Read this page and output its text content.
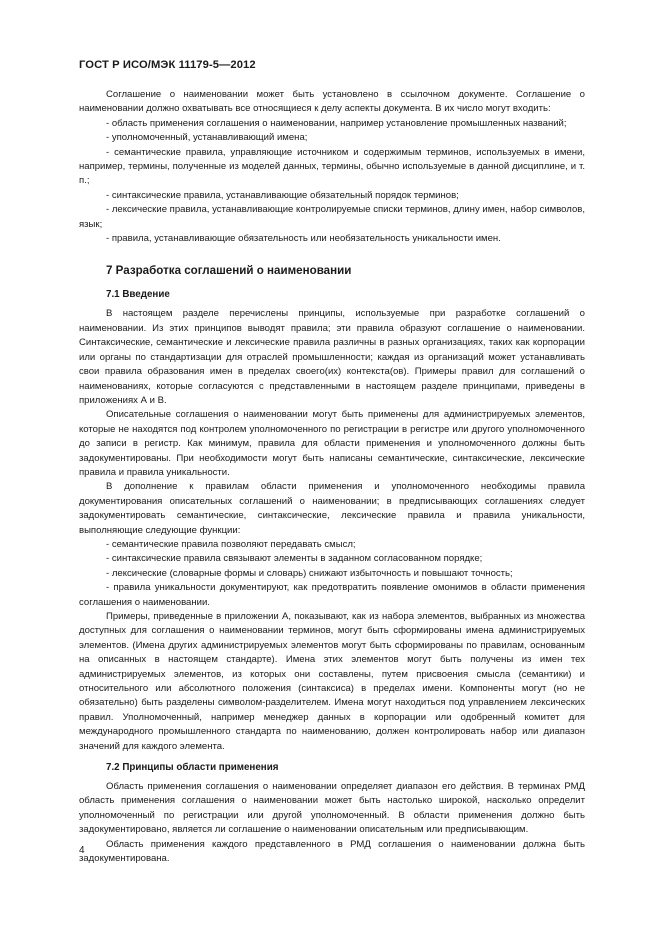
ГОСТ Р ИСО/МЭК 11179-5—2012

Соглашение о наименовании может быть установлено в ссылочном документе. Соглашение о наименовании должно охватывать все относящиеся к делу аспекты документа. В их число могут входить:

- область применения соглашения о наименовании, например установление промышленных названий;

- уполномоченный, устанавливающий имена;

- семантические правила, управляющие источником и содержимым терминов, используемых в имени, например, термины, полученные из моделей данных, термины, обычно используемые в данной дисциплине, и т. п.;

- синтаксические правила, устанавливающие обязательный порядок терминов;

- лексические правила, устанавливающие контролируемые списки терминов, длину имен, набор символов, язык;

- правила, устанавливающие обязательность или необязательность уникальности имен.

7 Разработка соглашений о наименовании
7.1 Введение

В настоящем разделе перечислены принципы, используемые при разработке соглашений о наименовании. Из этих принципов выводят правила; эти правила образуют соглашение о наименовании. Синтаксические, семантические и лексические правила различны в разных организациях, таких как корпорации или органы по стандартизации для отраслей промышленности; каждая из организаций может устанавливать свои правила образования имен в пределах своего(их) контекста(ов). Примеры правил для соглашений о наименованиях, которые согласуются с представленными в настоящем разделе принципами, приведены в приложениях А и В.

Описательные соглашения о наименовании могут быть применены для администрируемых элементов, которые не находятся под контролем уполномоченного по регистрации в регистре или другого уполномоченного до записи в регистр. Как минимум, правила для области применения и уполномоченного должны быть задокументированы. При необходимости могут быть написаны семантические, синтаксические, лексические правила и правила уникальности.

В дополнение к правилам области применения и уполномоченного необходимы правила документирования описательных соглашений о наименовании; в предписывающих соглашениях следует задокументировать семантические, синтаксические, лексические правила и правила уникальности, выполняющие следующие функции:

- семантические правила позволяют передавать смысл;

- синтаксические правила связывают элементы в заданном согласованном порядке;

- лексические (словарные формы и словарь) снижают избыточность и повышают точность;

- правила уникальности документируют, как предотвратить появление омонимов в области применения соглашения о наименовании.

Примеры, приведенные в приложении А, показывают, как из набора элементов, выбранных из множества доступных для соглашения о наименовании терминов, могут быть сформированы имена администрируемых элементов. (Имена других администрируемых элементов могут быть сформированы по правилам, основанным на описанных в настоящем стандарте). Имена этих элементов могут быть получены из имен тех администрируемых элементов, из которых они составлены, путем присвоения смысла (семантики) и относительного или абсолютного положения (синтаксиса) в пределах имени. Компоненты могут (но не обязательно) быть разделены символом-разделителем. Имена могут находиться под управлением лексических правил. Уполномоченный, например менеджер данных в корпорации или одобренный комитет для международного промышленного стандарта по наименованию, должен контролировать набор или диапазон значений для каждого элемента.

7.2 Принципы области применения

Область применения соглашения о наименовании определяет диапазон его действия. В терминах РМД область применения соглашения о наименовании может быть настолько широкой, насколько определит уполномоченный по регистрации или другой уполномоченный. В области применения должно быть задокументировано, является ли соглашение о наименовании описательным или предписывающим.

Область применения каждого представленного в РМД соглашения о наименовании должна быть задокументирована.

4
